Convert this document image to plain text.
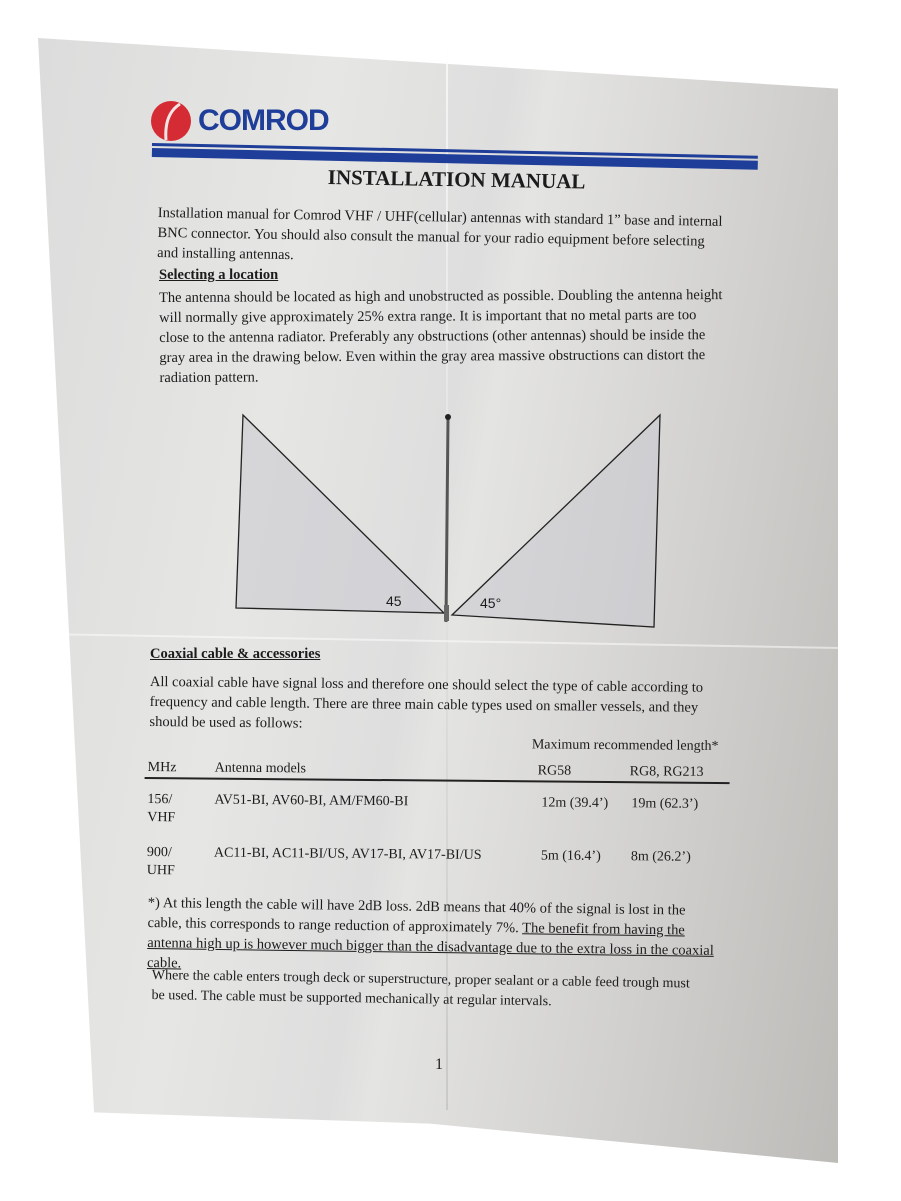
COMROD
INSTALLATION MANUAL
Installation manual for Comrod VHF / UHF(cellular) antennas with standard 1” base and internal
BNC connector. You should also consult the manual for your radio equipment before selecting
and installing antennas.
Selecting a location
The antenna should be located as high and unobstructed as possible. Doubling the antenna height
will normally give approximately 25% extra range. It is important that no metal parts are too
close to the antenna radiator. Preferably any obstructions (other antennas) should be inside the
gray area in the drawing below. Even within the gray area massive obstructions can distort the
radiation pattern.
45	45°
Coaxial cable & accessories
All coaxial cable have signal loss and therefore one should select the type of cable according to
frequency and cable length. There are three main cable types used on smaller vessels, and they
should be used as follows:
Maximum recommended length*
MHz	Antenna models	RG58	RG8, RG213
156/
VHF
AV51-BI, AV60-BI, AM/FM60-BI	12m (39.4’) 19m (62.3’)
900/
UHF
AC11-BI, AC11-BI/US, AV17-BI, AV17-BI/US	5m (16.4’) 8m (26.2’)
*) At this length the cable will have 2dB loss. 2dB means that 40% of the signal is lost in the
cable, this corresponds to range reduction of approximately 7%. The benefit from having the
antenna high up is however much bigger than the disadvantage due to the extra loss in the coaxial
cable.
Where the cable enters trough deck or superstructure, proper sealant or a cable feed trough must
be used. The cable must be supported mechanically at regular intervals.
1
